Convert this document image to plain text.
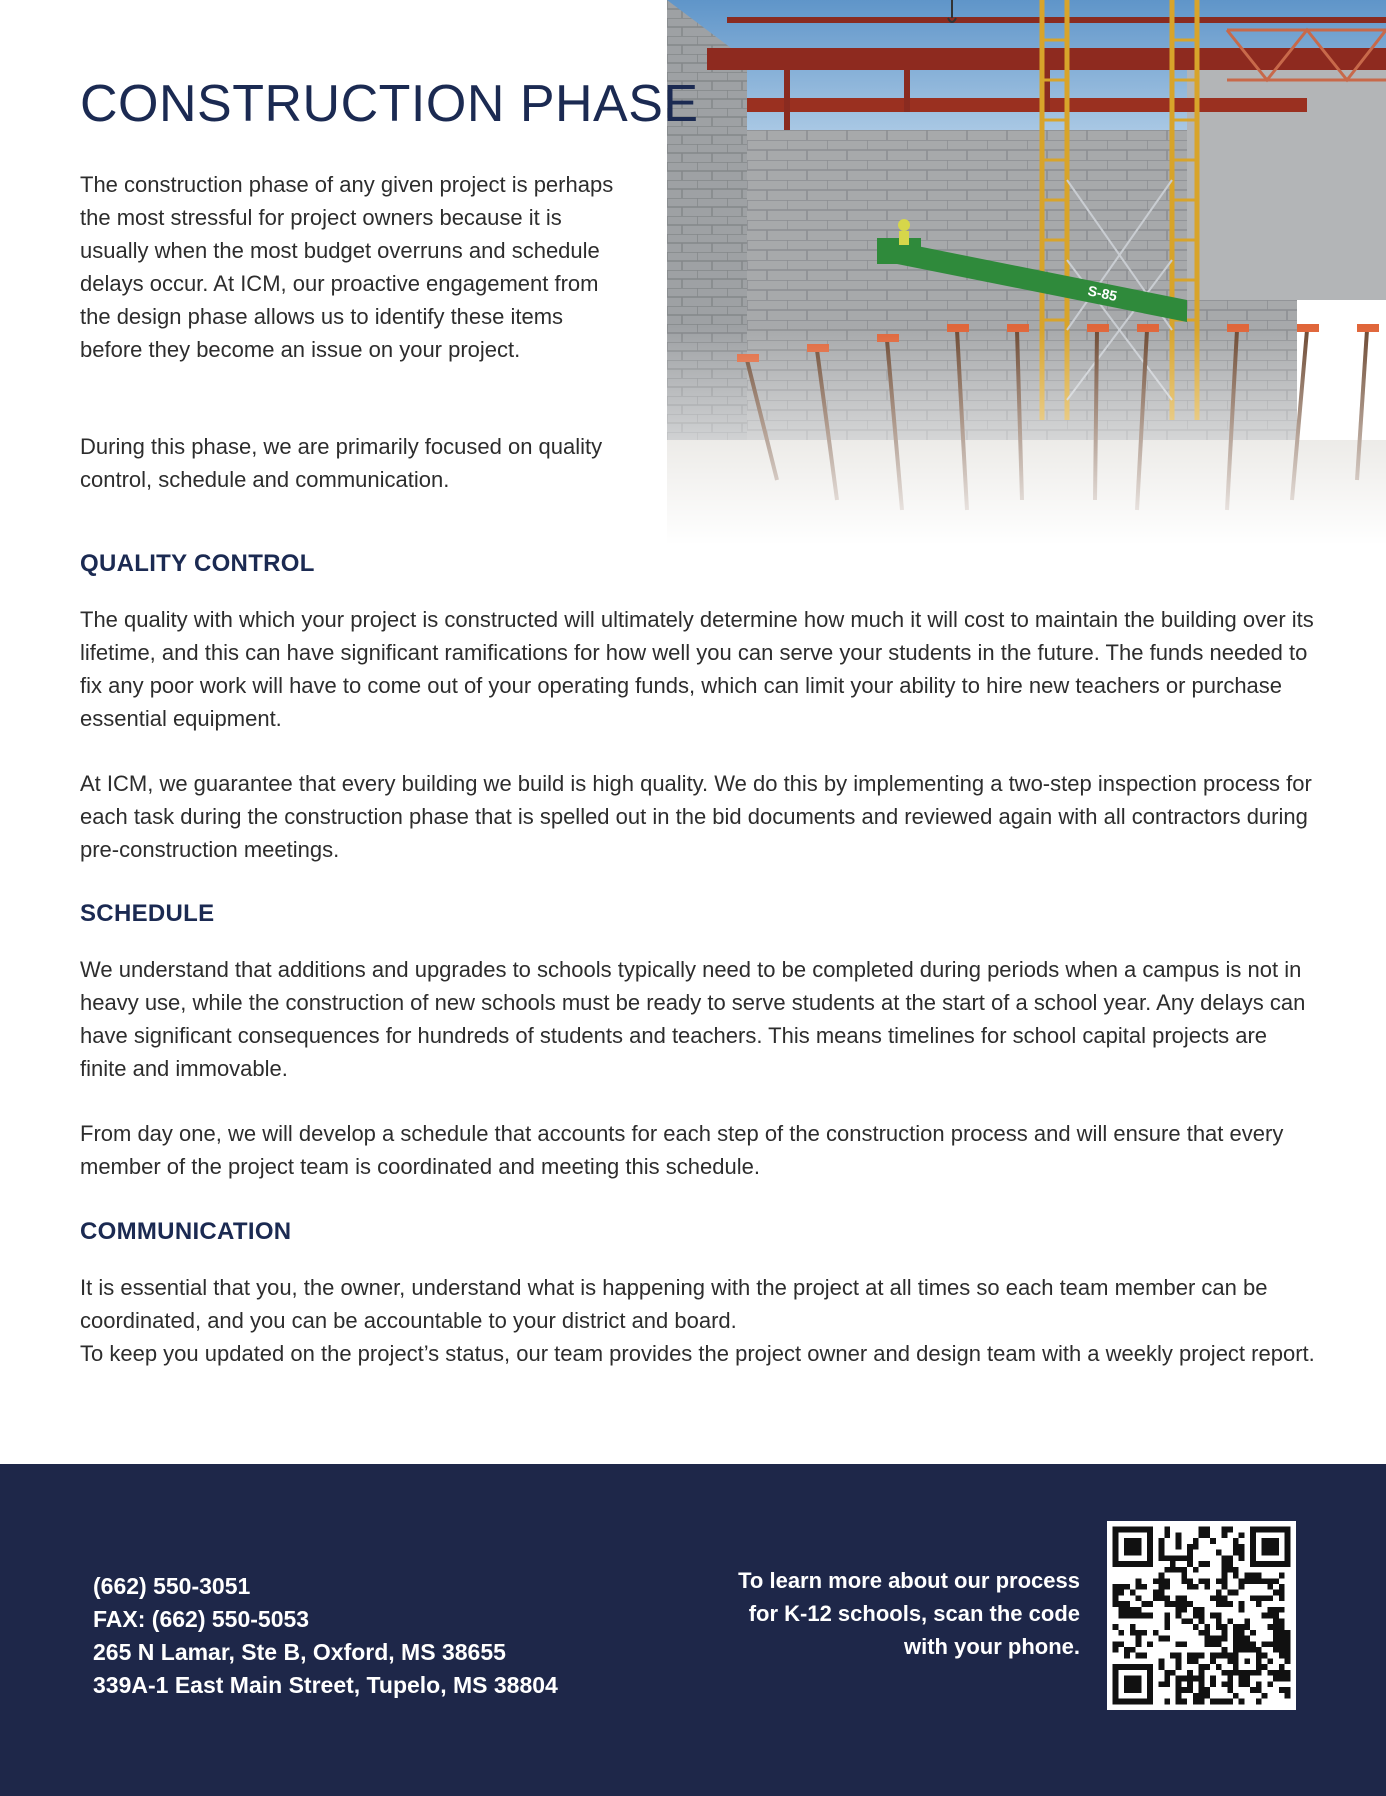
CONSTRUCTION PHASE

The construction phase of any given project is perhaps the most stressful for project owners because it is usually when the most budget overruns and schedule delays occur. At ICM, our proactive engagement from the design phase allows us to identify these items before they become an issue on your project.

During this phase, we are primarily focused on quality control, schedule and communication.

QUALITY CONTROL

The quality with which your project is constructed will ultimately determine how much it will cost to maintain the building over its lifetime, and this can have significant ramifications for how well you can serve your students in the future. The funds needed to fix any poor work will have to come out of your operating funds, which can limit your ability to hire new teachers or purchase essential equipment.

At ICM, we guarantee that every building we build is high quality. We do this by implementing a two-step inspection process for each task during the construction phase that is spelled out in the bid documents and reviewed again with all contractors during pre-construction meetings.

SCHEDULE

We understand that additions and upgrades to schools typically need to be completed during periods when a campus is not in heavy use, while the construction of new schools must be ready to serve students at the start of a school year. Any delays can have significant consequences for hundreds of students and teachers. This means timelines for school capital projects are finite and immovable.

From day one, we will develop a schedule that accounts for each step of the construction process and will ensure that every member of the project team is coordinated and meeting this schedule.

COMMUNICATION

It is essential that you, the owner, understand what is happening with the project at all times so each team member can be coordinated, and you can be accountable to your district and board.

To keep you updated on the project’s status, our team provides the project owner and design team with a weekly project report.

(662) 550-3051
FAX: (662) 550-5053
265 N Lamar, Ste B, Oxford, MS 38655
339A-1 East Main Street, Tupelo, MS 38804

To learn more about our process for K-12 schools, scan the code with your phone.
